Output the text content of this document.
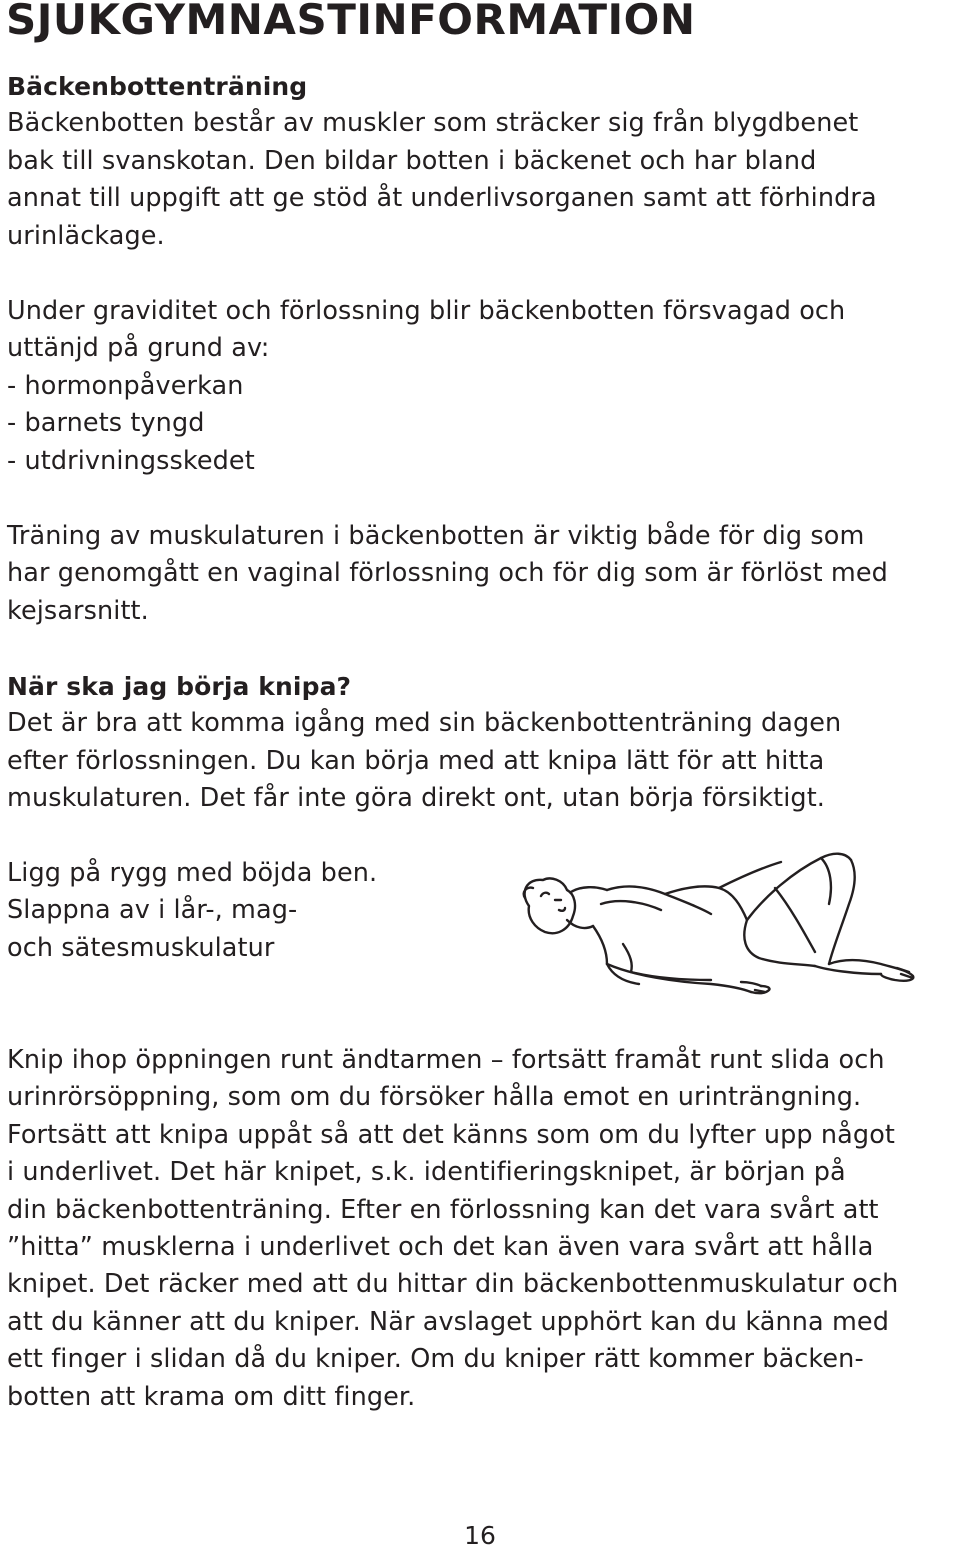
SJUKGYMNASTINFORMATION
Bäckenbottenträning
Bäckenbotten består av muskler som sträcker sig från blygdbenet
bak till svanskotan. Den bildar botten i bäckenet och har bland
annat till uppgift att ge stöd åt underlivsorganen samt att förhindra
urinläckage.
Under graviditet och förlossning blir bäckenbotten försvagad och
uttänjd på grund av:
- hormonpåverkan
- barnets tyngd
- utdrivningsskedet
Träning av muskulaturen i bäckenbotten är viktig både för dig som
har genomgått en vaginal förlossning och för dig som är förlöst med
kejsarsnitt.
När ska jag börja knipa?
Det är bra att komma igång med sin bäckenbottenträning dagen
efter förlossningen. Du kan börja med att knipa lätt för att hitta
muskulaturen. Det får inte göra direkt ont, utan börja försiktigt.
Ligg på rygg med böjda ben.
Slappna av i lår-, mag-
och sätesmuskulatur
Knip ihop öppningen runt ändtarmen – fortsätt framåt runt slida och
urinrörsöppning, som om du försöker hålla emot en urinträngning.
Fortsätt att knipa uppåt så att det känns som om du lyfter upp något
i underlivet. Det här knipet, s.k. identifieringsknipet, är början på
din bäckenbottenträning. Efter en förlossning kan det vara svårt att
”hitta” musklerna i underlivet och det kan även vara svårt att hålla
knipet. Det räcker med att du hittar din bäckenbottenmuskulatur och
att du känner att du kniper. När avslaget upphört kan du känna med
ett finger i slidan då du kniper. Om du kniper rätt kommer bäcken-
botten att krama om ditt finger.
16
